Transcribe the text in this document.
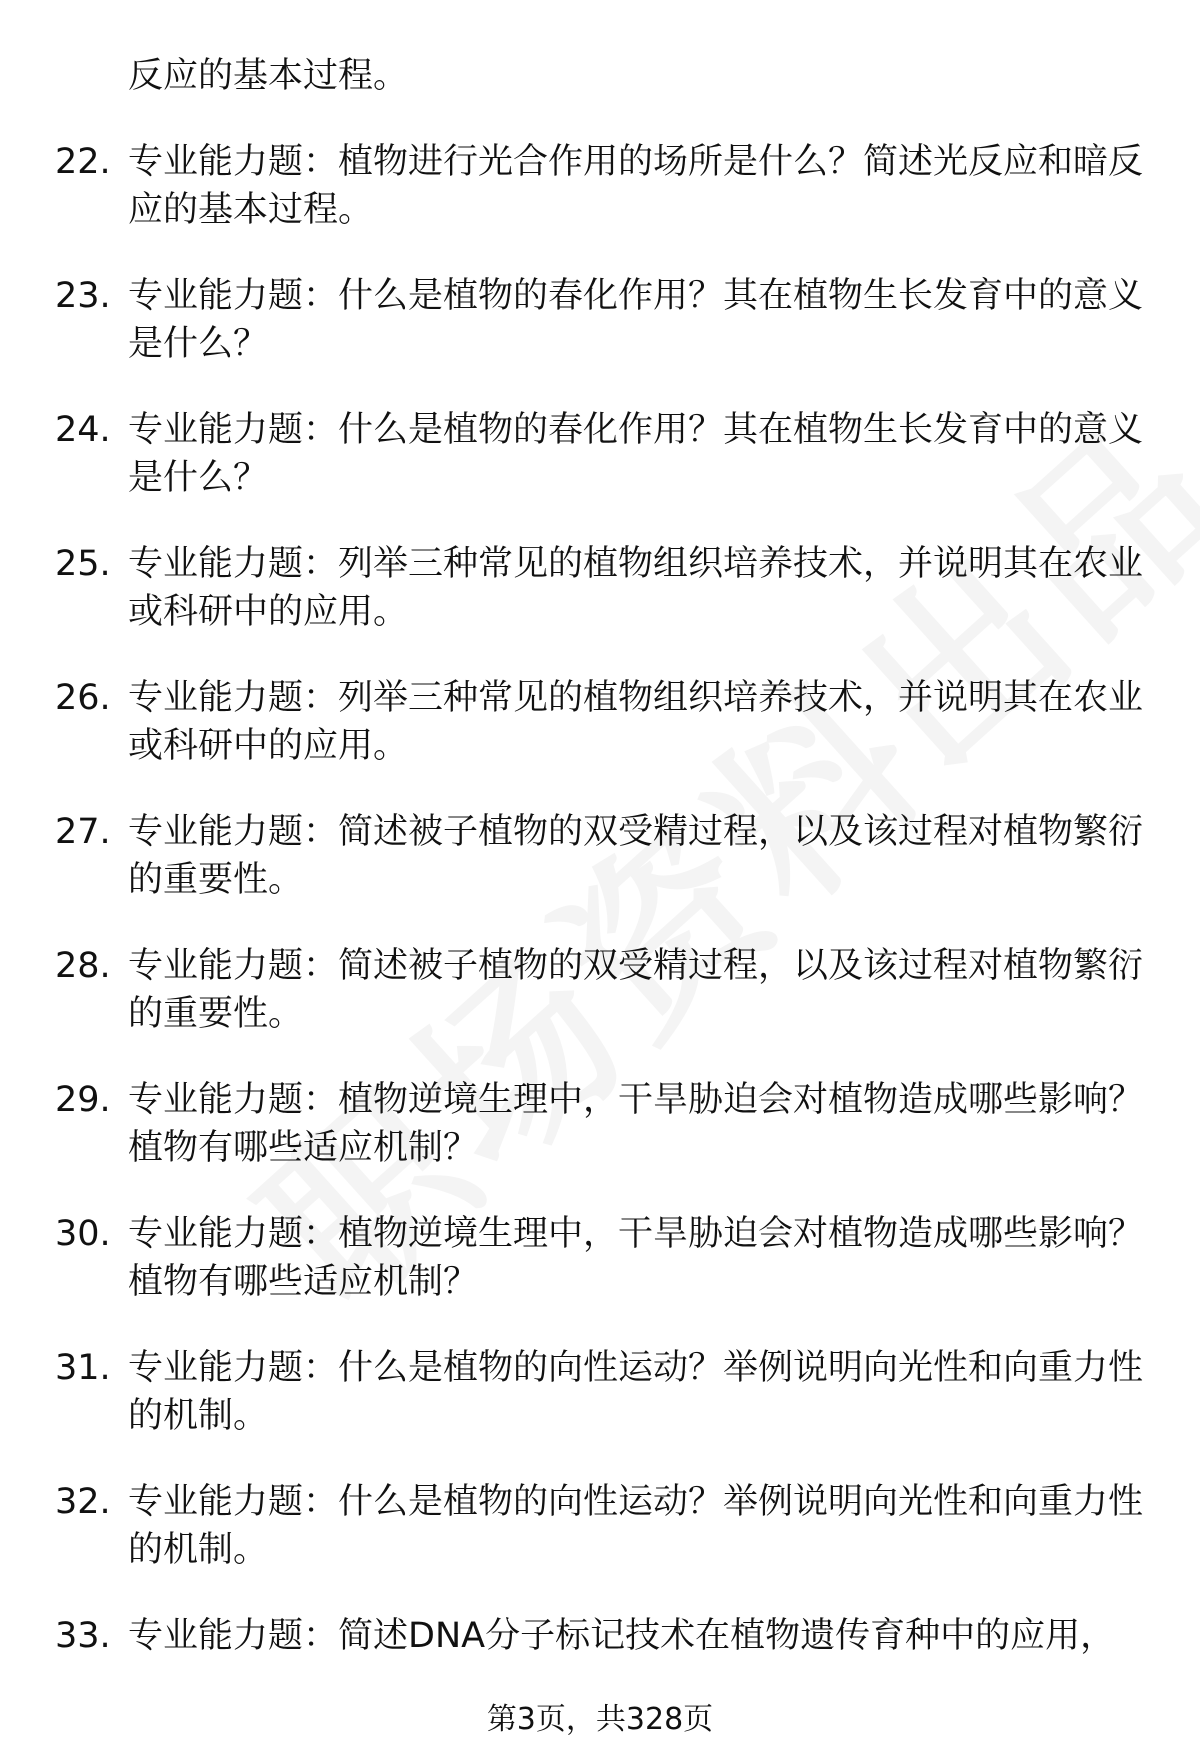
反应的基本过程。
22. 专业能力题：植物进行光合作用的场所是什么？简述光反应和暗反应的基本过程。
23. 专业能力题：什么是植物的春化作用？其在植物生长发育中的意义是什么？
24. 专业能力题：什么是植物的春化作用？其在植物生长发育中的意义是什么？
25. 专业能力题：列举三种常见的植物组织培养技术，并说明其在农业或科研中的应用。
26. 专业能力题：列举三种常见的植物组织培养技术，并说明其在农业或科研中的应用。
27. 专业能力题：简述被子植物的双受精过程，以及该过程对植物繁衍的重要性。
28. 专业能力题：简述被子植物的双受精过程，以及该过程对植物繁衍的重要性。
29. 专业能力题：植物逆境生理中，干旱胁迫会对植物造成哪些影响？植物有哪些适应机制？
30. 专业能力题：植物逆境生理中，干旱胁迫会对植物造成哪些影响？植物有哪些适应机制？
31. 专业能力题：什么是植物的向性运动？举例说明向光性和向重力性的机制。
32. 专业能力题：什么是植物的向性运动？举例说明向光性和向重力性的机制。
33. 专业能力题：简述DNA分子标记技术在植物遗传育种中的应用，
第3页，共328页
